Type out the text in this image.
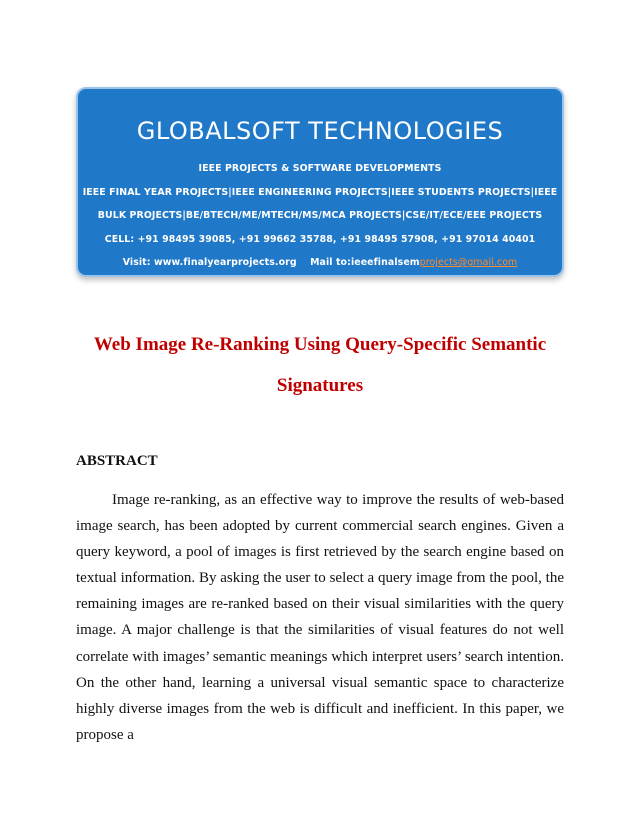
GLOBALSOFT TECHNOLOGIES
IEEE PROJECTS & SOFTWARE DEVELOPMENTS
IEEE FINAL YEAR PROJECTS|IEEE ENGINEERING PROJECTS|IEEE STUDENTS PROJECTS|IEEE
BULK PROJECTS|BE/BTECH/ME/MTECH/MS/MCA PROJECTS|CSE/IT/ECE/EEE PROJECTS
CELL: +91 98495 39085, +91 99662 35788, +91 98495 57908, +91 97014 40401
Visit: www.finalyearprojects.org Mail to:ieeefinalsemprojects@gmail.com
Web Image Re-Ranking Using Query-Specific Semantic
Signatures
ABSTRACT

Image re-ranking, as an effective way to improve the results of web-based image search, has been adopted by current commercial search engines. Given a query keyword, a pool of images is first retrieved by the search engine based on textual information. By asking the user to select a query image from the pool, the remaining images are re-ranked based on their visual similarities with the query image. A major challenge is that the similarities of visual features do not well correlate with images’ semantic meanings which interpret users’ search intention. On the other hand, learning a universal visual semantic space to characterize highly diverse images from the web is difficult and inefficient. In this paper, we propose a
